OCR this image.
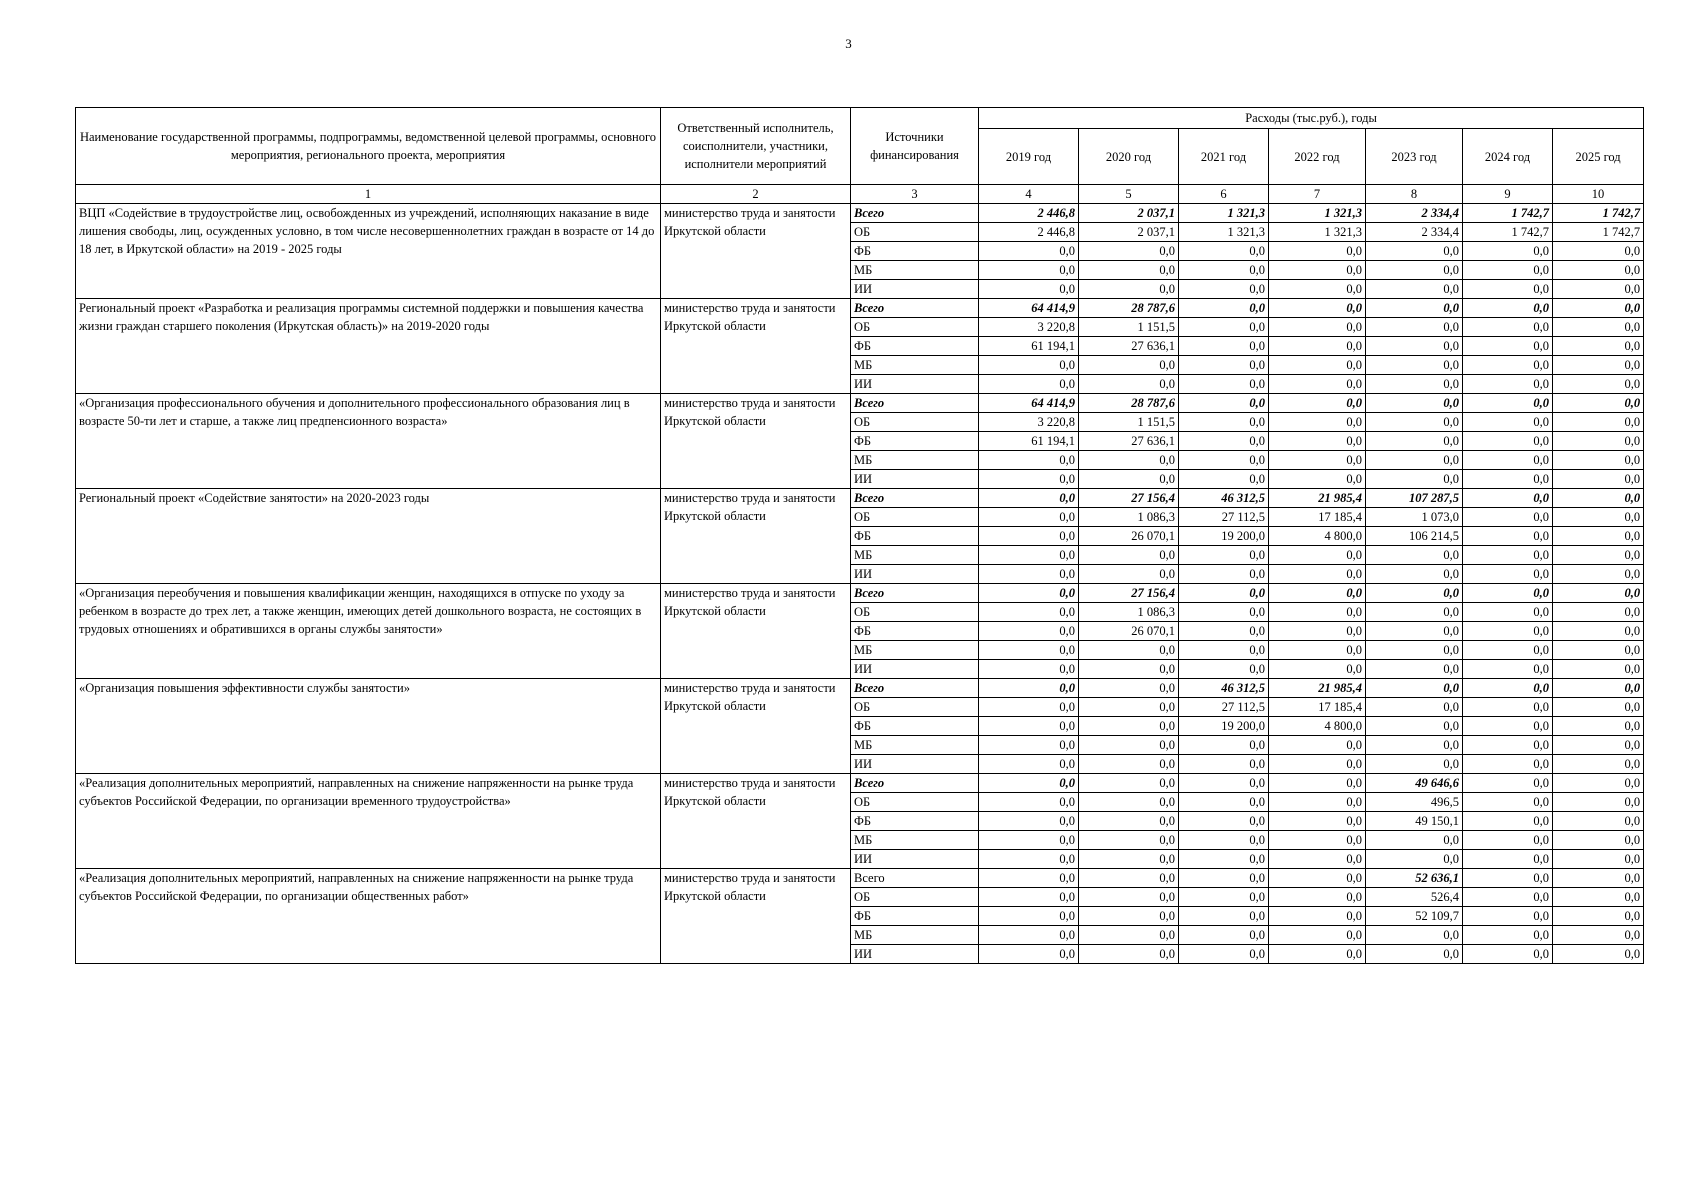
3
Наименование государственной программы, подпрограммы, ведомственной целевой программы, основного мероприятия, регионального проекта, мероприятия	Ответственный исполнитель, соисполнители, участники, исполнители мероприятий	Источники финансирования	Расходы (тыс.руб.), годы						
			2019 год	2020 год	2021 год	2022 год	2023 год	2024 год	2025 год
1	2	3	4	5	6	7	8	9	10
ВЦП «Содействие в трудоустройстве лиц, освобожденных из учреждений, исполняющих наказание в виде лишения свободы, лиц, осужденных условно, в том числе несовершеннолетних граждан в возрасте от 14 до 18 лет, в Иркутской области» на 2019 - 2025 годы	министерство труда и занятости Иркутской области	Всего	2 446,8	2 037,1	1 321,3	1 321,3	2 334,4	1 742,7	1 742,7
		ОБ	2 446,8	2 037,1	1 321,3	1 321,3	2 334,4	1 742,7	1 742,7
		ФБ	0,0	0,0	0,0	0,0	0,0	0,0	0,0
		МБ	0,0	0,0	0,0	0,0	0,0	0,0	0,0
		ИИ	0,0	0,0	0,0	0,0	0,0	0,0	0,0
Региональный проект «Разработка и реализация программы системной поддержки и повышения качества жизни граждан старшего поколения (Иркутская область)» на 2019-2020 годы	министерство труда и занятости Иркутской области	Всего	64 414,9	28 787,6	0,0	0,0	0,0	0,0	0,0
		ОБ	3 220,8	1 151,5	0,0	0,0	0,0	0,0	0,0
		ФБ	61 194,1	27 636,1	0,0	0,0	0,0	0,0	0,0
		МБ	0,0	0,0	0,0	0,0	0,0	0,0	0,0
		ИИ	0,0	0,0	0,0	0,0	0,0	0,0	0,0
«Организация профессионального обучения и дополнительного профессионального образования лиц в возрасте 50-ти лет и старше, а также лиц предпенсионного возраста»	министерство труда и занятости Иркутской области	Всего	64 414,9	28 787,6	0,0	0,0	0,0	0,0	0,0
		ОБ	3 220,8	1 151,5	0,0	0,0	0,0	0,0	0,0
		ФБ	61 194,1	27 636,1	0,0	0,0	0,0	0,0	0,0
		МБ	0,0	0,0	0,0	0,0	0,0	0,0	0,0
		ИИ	0,0	0,0	0,0	0,0	0,0	0,0	0,0
Региональный проект «Содействие занятости» на 2020-2023 годы	министерство труда и занятости Иркутской области	Всего	0,0	27 156,4	46 312,5	21 985,4	107 287,5	0,0	0,0
		ОБ	0,0	1 086,3	27 112,5	17 185,4	1 073,0	0,0	0,0
		ФБ	0,0	26 070,1	19 200,0	4 800,0	106 214,5	0,0	0,0
		МБ	0,0	0,0	0,0	0,0	0,0	0,0	0,0
		ИИ	0,0	0,0	0,0	0,0	0,0	0,0	0,0
«Организация переобучения и повышения квалификации женщин, находящихся в отпуске по уходу за ребенком в возрасте до трех лет, а также женщин, имеющих детей дошкольного возраста, не состоящих в трудовых отношениях и обратившихся в органы службы занятости»	министерство труда и занятости Иркутской области	Всего	0,0	27 156,4	0,0	0,0	0,0	0,0	0,0
		ОБ	0,0	1 086,3	0,0	0,0	0,0	0,0	0,0
		ФБ	0,0	26 070,1	0,0	0,0	0,0	0,0	0,0
		МБ	0,0	0,0	0,0	0,0	0,0	0,0	0,0
		ИИ	0,0	0,0	0,0	0,0	0,0	0,0	0,0
«Организация повышения эффективности службы занятости»	министерство труда и занятости Иркутской области	Всего	0,0	0,0	46 312,5	21 985,4	0,0	0,0	0,0
		ОБ	0,0	0,0	27 112,5	17 185,4	0,0	0,0	0,0
		ФБ	0,0	0,0	19 200,0	4 800,0	0,0	0,0	0,0
		МБ	0,0	0,0	0,0	0,0	0,0	0,0	0,0
		ИИ	0,0	0,0	0,0	0,0	0,0	0,0	0,0
«Реализация дополнительных мероприятий, направленных на снижение напряженности на рынке труда субъектов Российской Федерации, по организации временного трудоустройства»	министерство труда и занятости Иркутской области	Всего	0,0	0,0	0,0	0,0	49 646,6	0,0	0,0
		ОБ	0,0	0,0	0,0	0,0	496,5	0,0	0,0
		ФБ	0,0	0,0	0,0	0,0	49 150,1	0,0	0,0
		МБ	0,0	0,0	0,0	0,0	0,0	0,0	0,0
		ИИ	0,0	0,0	0,0	0,0	0,0	0,0	0,0
«Реализация дополнительных мероприятий, направленных на снижение напряженности на рынке труда субъектов Российской Федерации, по организации общественных работ»	министерство труда и занятости Иркутской области	Всего	0,0	0,0	0,0	0,0	52 636,1	0,0	0,0
		ОБ	0,0	0,0	0,0	0,0	526,4	0,0	0,0
		ФБ	0,0	0,0	0,0	0,0	52 109,7	0,0	0,0
		МБ	0,0	0,0	0,0	0,0	0,0	0,0	0,0
		ИИ	0,0	0,0	0,0	0,0	0,0	0,0	0,0
